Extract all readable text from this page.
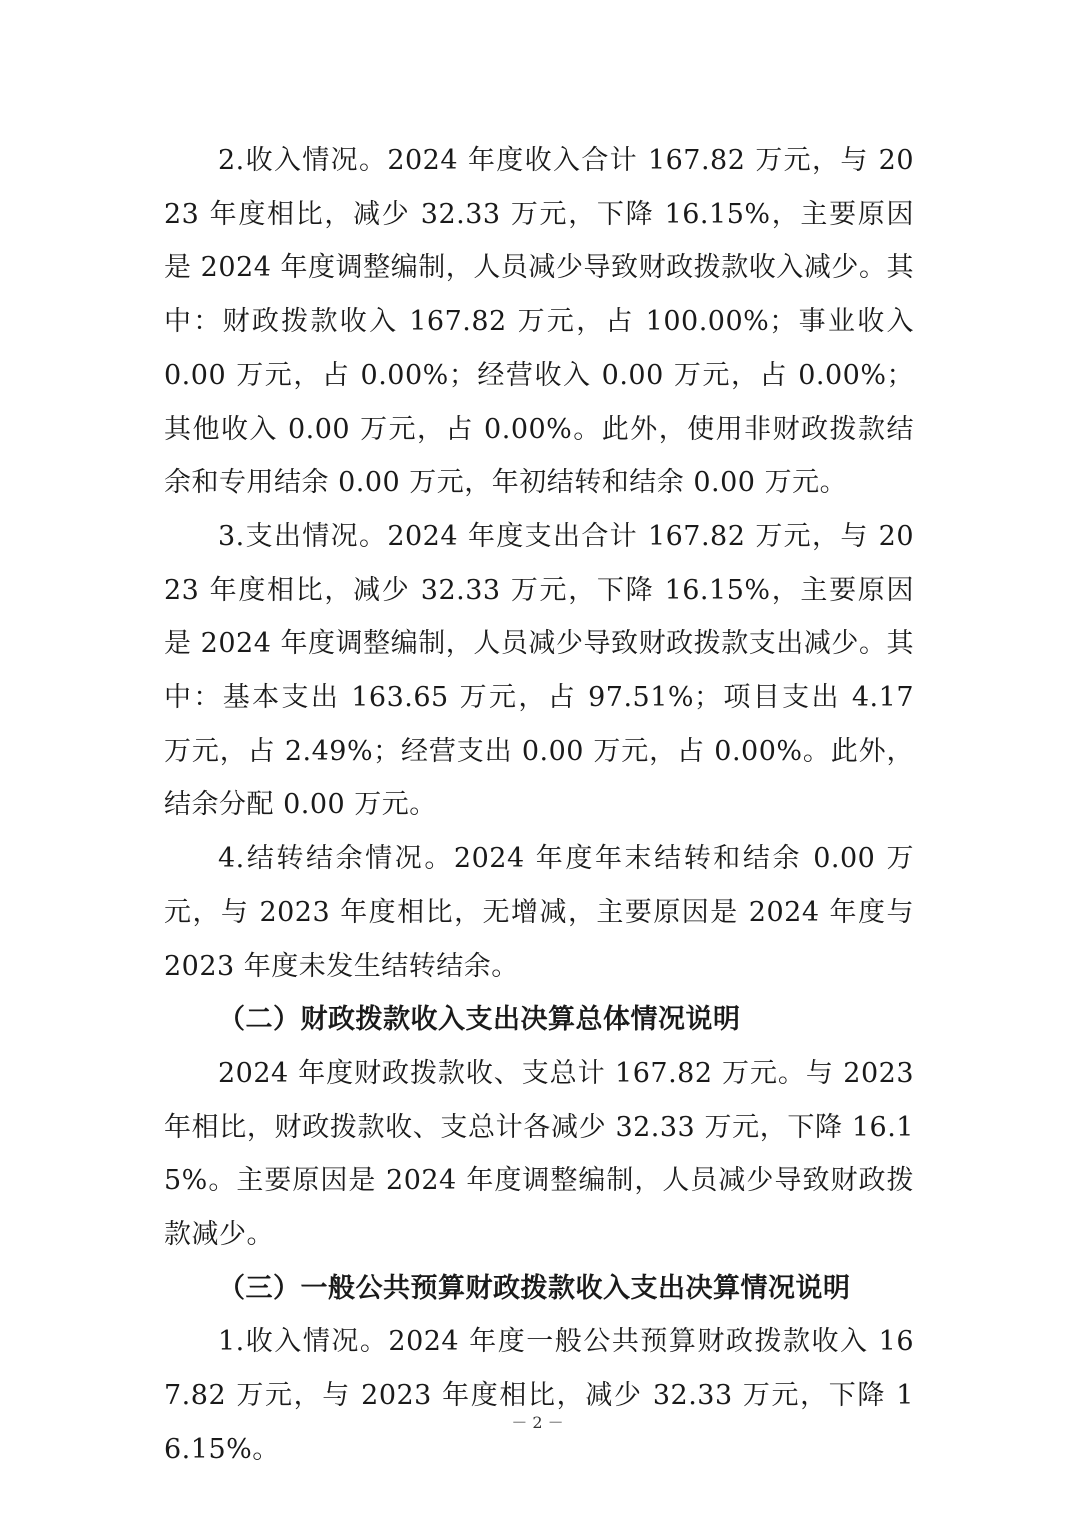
2.收入情况。2024 年度收入合计 167.82 万元，与 2023 年度相比，减少 32.33 万元，下降 16.15%，主要原因是 2024 年度调整编制，人员减少导致财政拨款收入减少。其中：财政拨款收入 167.82 万元，占 100.00%；事业收入 0.00 万元，占 0.00%；经营收入 0.00 万元，占 0.00%；其他收入 0.00 万元，占 0.00%。此外，使用非财政拨款结余和专用结余 0.00 万元，年初结转和结余 0.00 万元。

3.支出情况。2024 年度支出合计 167.82 万元，与 2023 年度相比，减少 32.33 万元，下降 16.15%，主要原因是 2024 年度调整编制，人员减少导致财政拨款支出减少。其中：基本支出 163.65 万元，占 97.51%；项目支出 4.17 万元，占 2.49%；经营支出 0.00 万元，占 0.00%。此外，结余分配 0.00 万元。

4.结转结余情况。2024 年度年末结转和结余 0.00 万元，与 2023 年度相比，无增减，主要原因是 2024 年度与 2023 年度未发生结转结余。

（二）财政拨款收入支出决算总体情况说明

2024 年度财政拨款收、支总计 167.82 万元。与 2023 年相比，财政拨款收、支总计各减少 32.33 万元，下降 16.15%。主要原因是 2024 年度调整编制，人员减少导致财政拨款减少。

（三）一般公共预算财政拨款收入支出决算情况说明

1.收入情况。2024 年度一般公共预算财政拨款收入 167.82 万元，与 2023 年度相比，减少 32.33 万元，下降 16.15%。

－ 2 －
